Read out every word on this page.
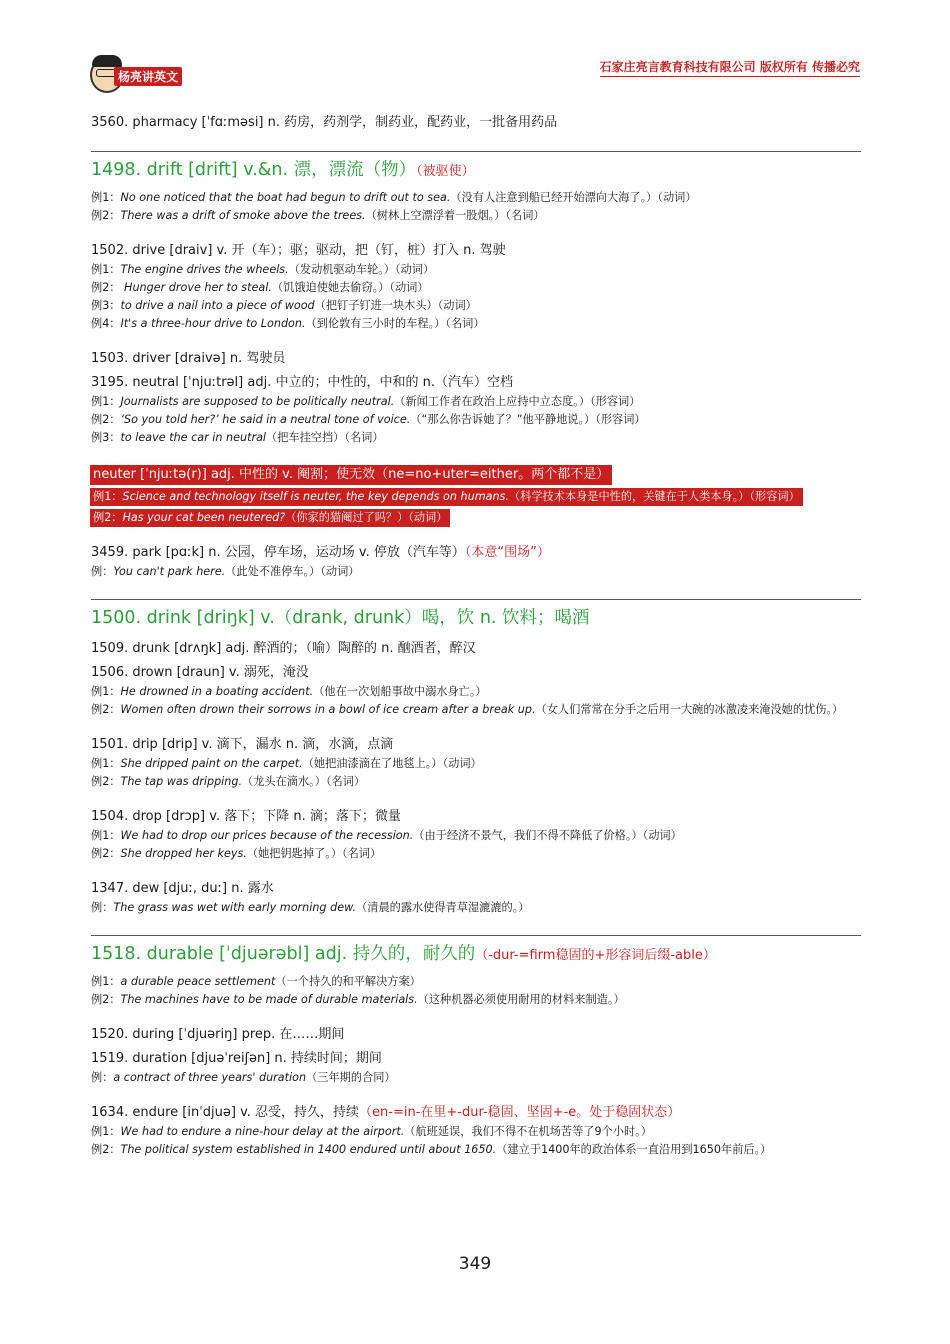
杨亮讲英文
石家庄亮言教育科技有限公司 版权所有 传播必究
3560. pharmacy [ˈfɑːməsi] n. 药房，药剂学，制药业，配药业，一批备用药品
1498. drift [drift] v.&n. 漂，漂流（物）（被驱使）
例1：No one noticed that the boat had begun to drift out to sea.（没有人注意到船已经开始漂向大海了。）（动词）
例2：There was a drift of smoke above the trees.（树林上空漂浮着一股烟。）（名词）
1502. drive [draiv] v. 开（车）；驱；驱动，把（钉，桩）打入 n. 驾驶
例1：The engine drives the wheels.（发动机驱动车轮。）（动词）
例2： Hunger drove her to steal.（饥饿迫使她去偷窃。）（动词）
例3：to drive a nail into a piece of wood（把钉子钉进一块木头）（动词）
例4：It's a three-hour drive to London.（到伦敦有三小时的车程。）（名词）
1503. driver [draivə] n. 驾驶员
3195. neutral [ˈnjuːtrəl] adj. 中立的；中性的，中和的 n.（汽车）空档
例1：Journalists are supposed to be politically neutral.（新闻工作者在政治上应持中立态度。）（形容词）
例2：‘So you told her?’ he said in a neutral tone of voice.（“那么你告诉她了？”他平静地说。）（形容词）
例3：to leave the car in neutral（把车挂空挡）（名词）
neuter [ˈnjuːtə(r)] adj. 中性的 v. 阉割；使无效（ne=no+uter=either。两个都不是）
例1：Science and technology itself is neuter, the key depends on humans.（科学技术本身是中性的，关键在于人类本身。）（形容词）
例2：Has your cat been neutered?（你家的猫阉过了吗？）（动词）
3459. park [pɑːk] n. 公园，停车场，运动场 v. 停放（汽车等）（本意“围场”）
例：You can't park here.（此处不准停车。）（动词）
1500. drink [driŋk] v.（drank, drunk）喝，饮 n. 饮料；喝酒
1509. drunk [drʌŋk] adj. 醉酒的；（喻）陶醉的 n. 酗酒者，醉汉
1506. drown [draun] v. 溺死，淹没
例1：He drowned in a boating accident.（他在一次划船事故中溺水身亡。）
例2：Women often drown their sorrows in a bowl of ice cream after a break up.（女人们常常在分手之后用一大碗的冰激凌来淹没她的忧伤。）
1501. drip [drip] v. 滴下，漏水 n. 滴，水滴，点滴
例1：She dripped paint on the carpet.（她把油漆滴在了地毯上。）（动词）
例2：The tap was dripping.（龙头在滴水。）（名词）
1504. drop [drɔp] v. 落下；下降 n. 滴；落下；微量
例1：We had to drop our prices because of the recession.（由于经济不景气，我们不得不降低了价格。）（动词）
例2：She dropped her keys.（她把钥匙掉了。）（名词）
1347. dew [djuː, duː] n. 露水
例：The grass was wet with early morning dew.（清晨的露水使得青草湿漉漉的。）
1518. durable [ˈdjuərəbl] adj. 持久的，耐久的（-dur-=firm稳固的+形容词后缀-able）
例1：a durable peace settlement（一个持久的和平解决方案）
例2：The machines have to be made of durable materials.（这种机器必须使用耐用的材料来制造。）
1520. during [ˈdjuəriŋ] prep. 在……期间
1519. duration [djuəˈreiʃən] n. 持续时间；期间
例：a contract of three years' duration（三年期的合同）
1634. endure [inˈdjuə] v. 忍受，持久，持续（en-=in-在里+-dur-稳固、坚固+-e。处于稳固状态）
例1：We had to endure a nine-hour delay at the airport.（航班延误，我们不得不在机场苦等了9个小时。）
例2：The political system established in 1400 endured until about 1650.（建立于1400年的政治体系一直沿用到1650年前后。）
349
